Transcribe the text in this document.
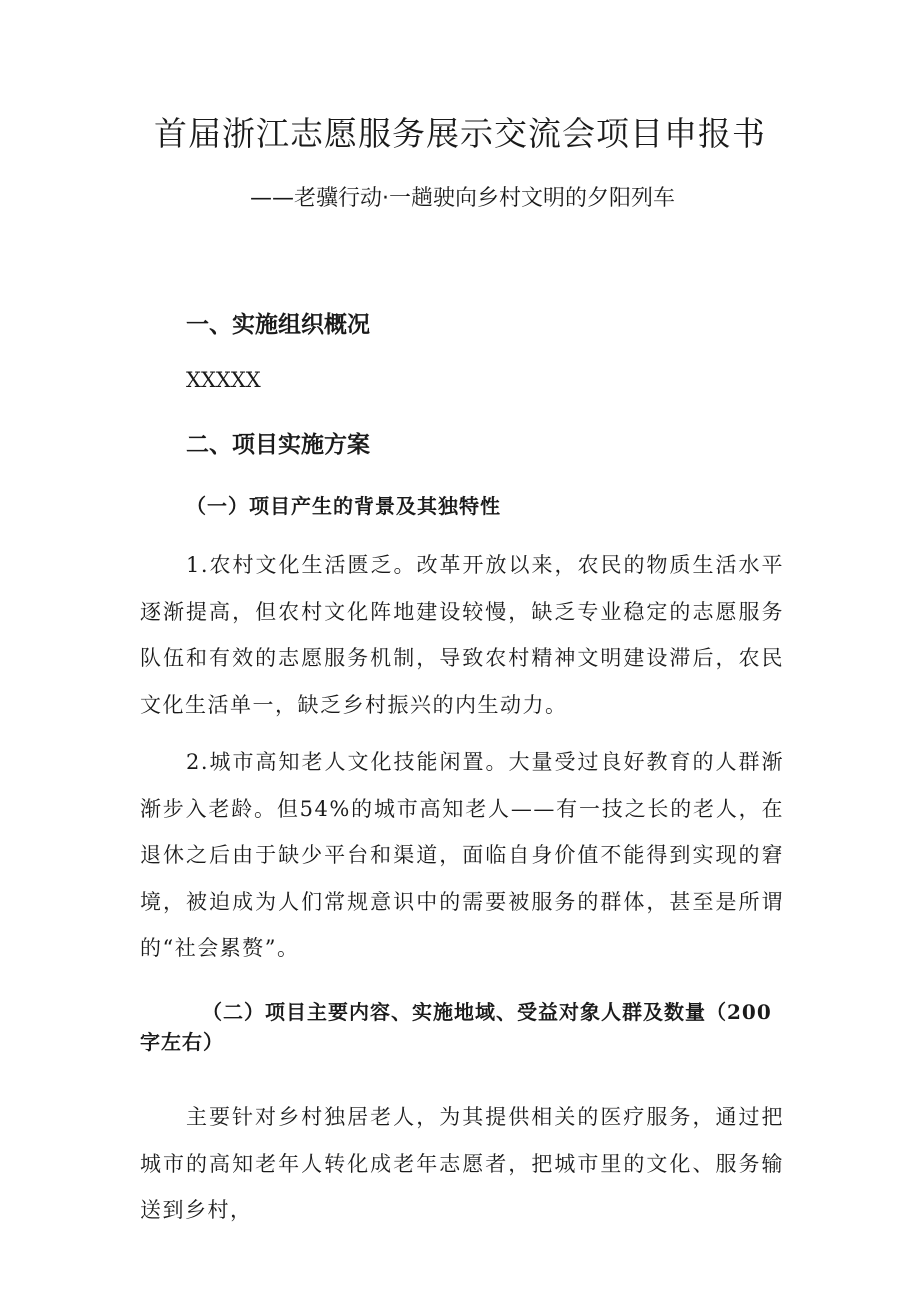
首届浙江志愿服务展示交流会项目申报书

——老骥行动·一趟驶向乡村文明的夕阳列车

一、实施组织概况

XXXXX

二、项目实施方案
（一）项目产生的背景及其独特性

1.农村文化生活匮乏。改革开放以来，农民的物质生活水平逐渐提高，但农村文化阵地建设较慢，缺乏专业稳定的志愿服务队伍和有效的志愿服务机制，导致农村精神文明建设滞后，农民文化生活单一，缺乏乡村振兴的内生动力。

2.城市高知老人文化技能闲置。大量受过良好教育的人群渐渐步入老龄。但54%的城市高知老人——有一技之长的老人，在退休之后由于缺少平台和渠道，面临自身价值不能得到实现的窘境，被迫成为人们常规意识中的需要被服务的群体，甚至是所谓的“社会累赘”。

（二）项目主要内容、实施地域、受益对象人群及数量（200字左右）

主要针对乡村独居老人，为其提供相关的医疗服务，通过把城市的高知老年人转化成老年志愿者，把城市里的文化、服务输送到乡村，
